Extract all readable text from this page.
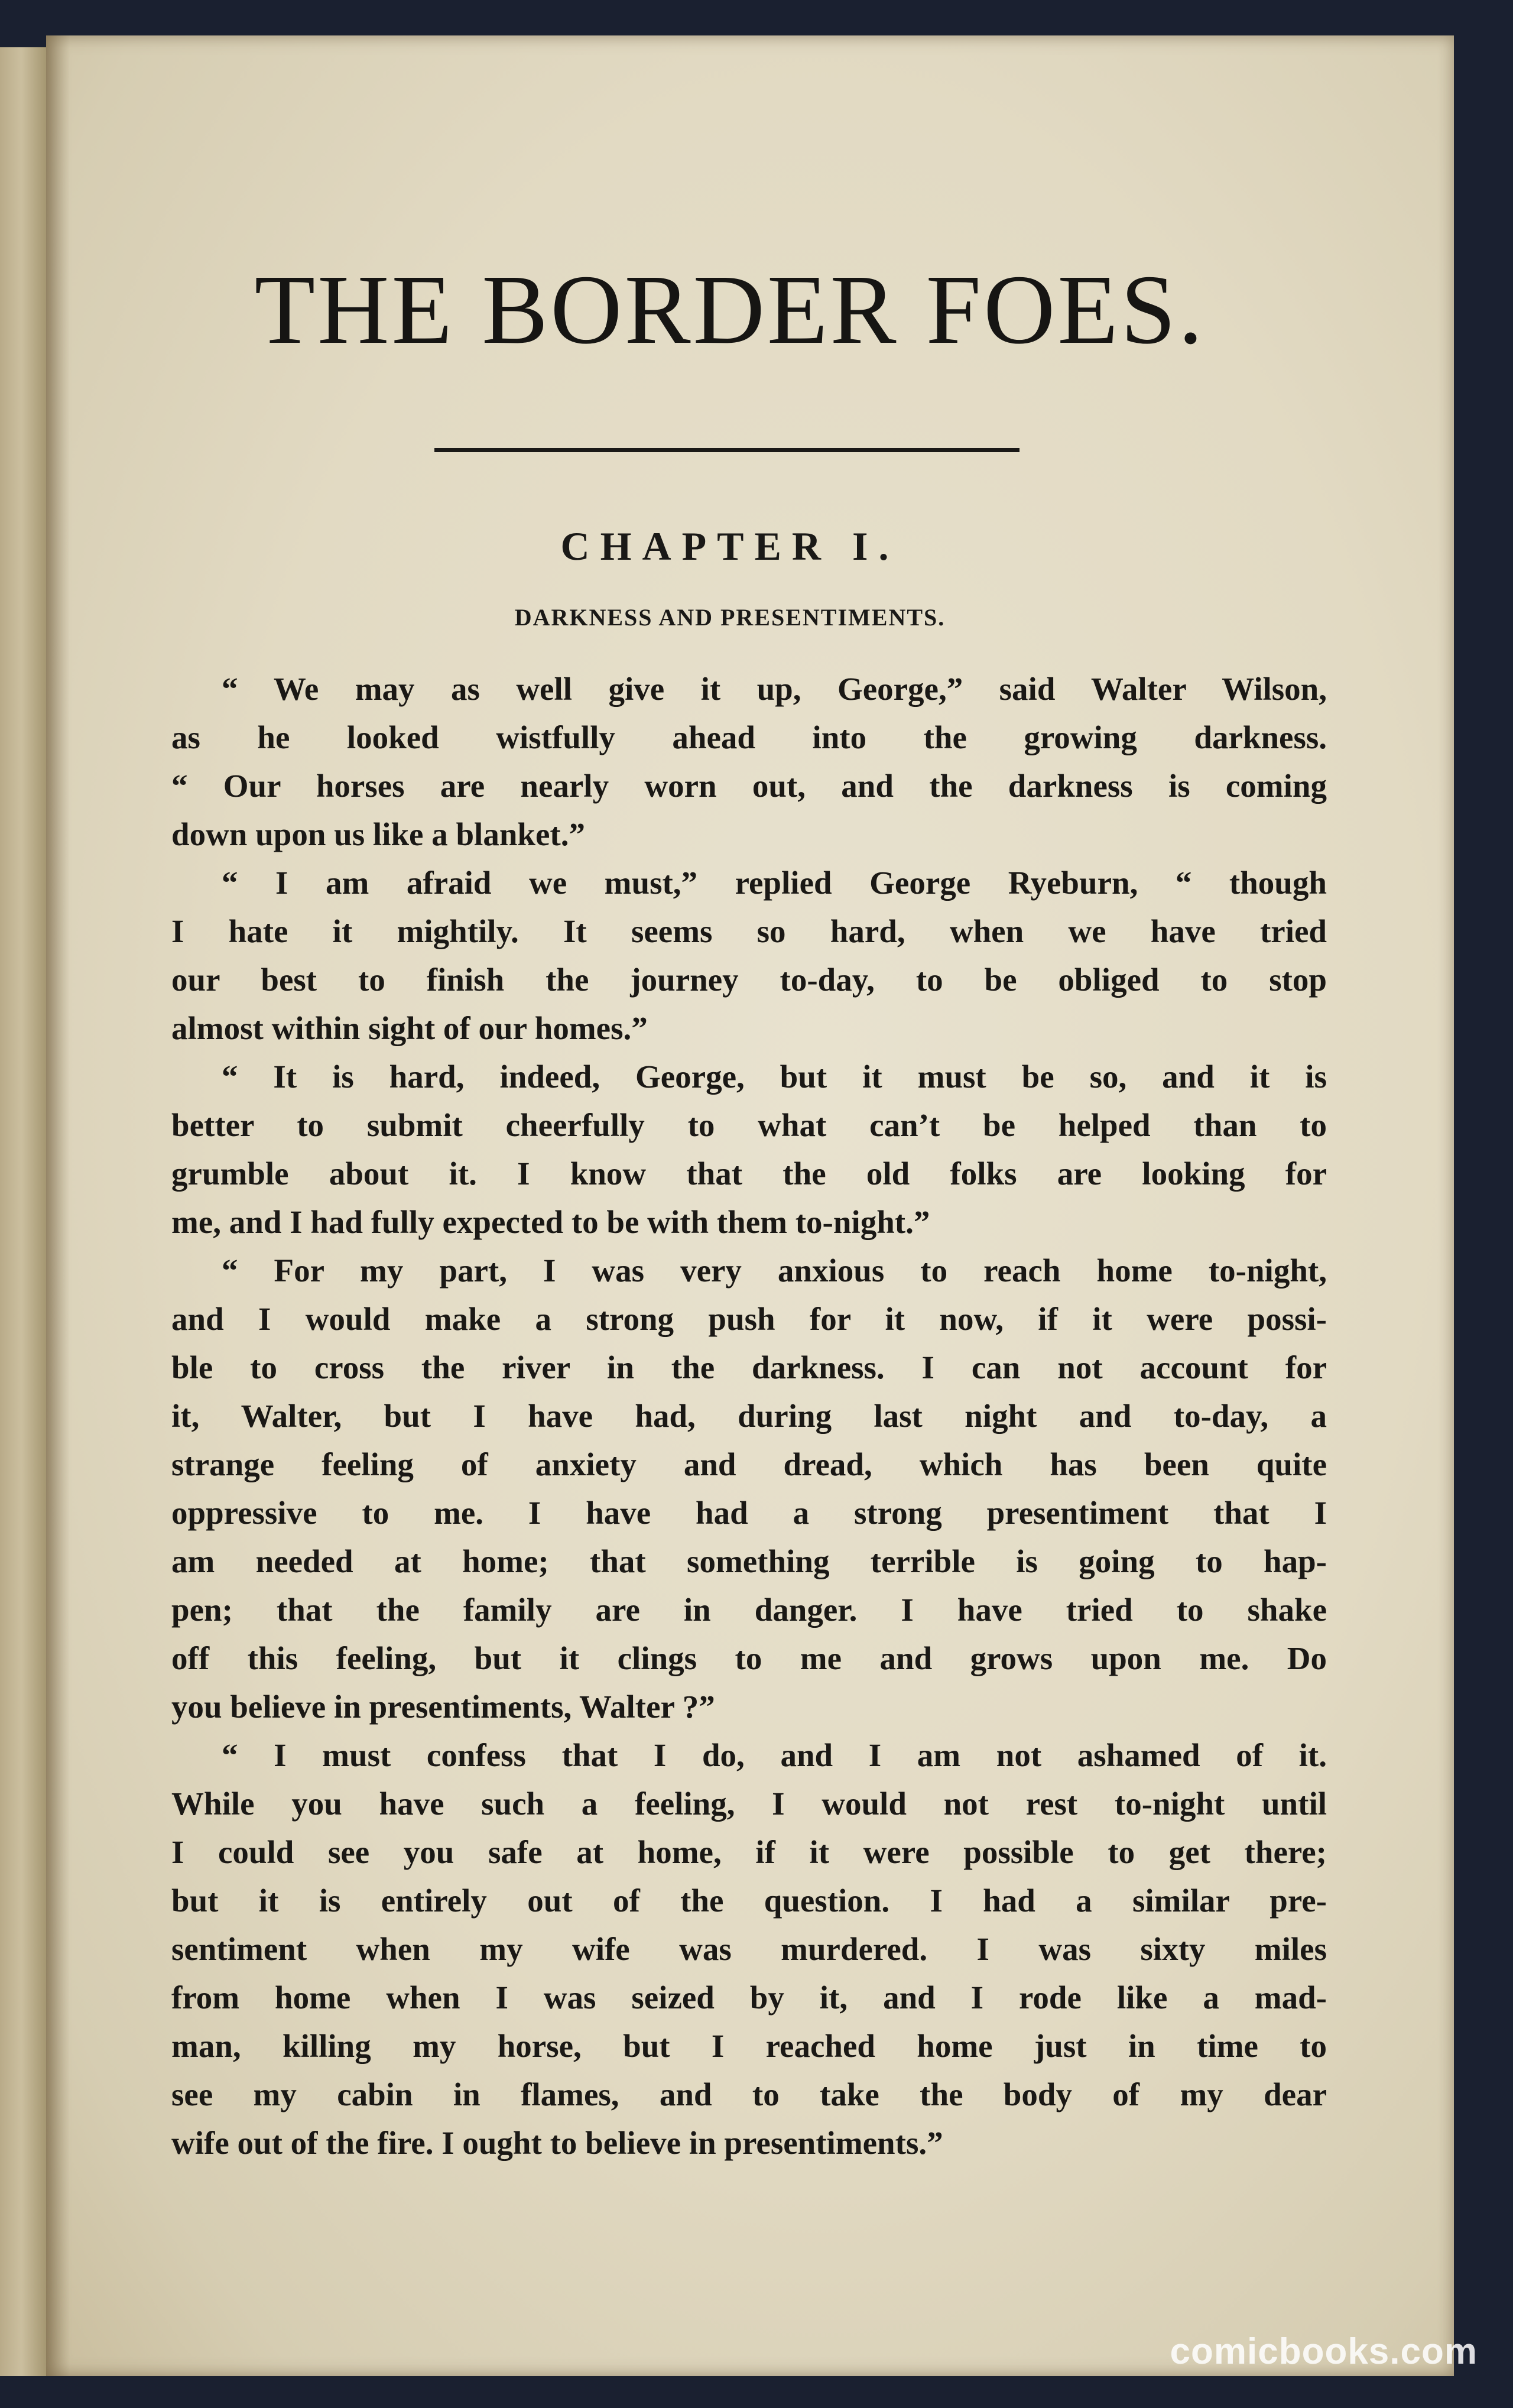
THE BORDER FOES.
CHAPTER I.
DARKNESS AND PRESENTIMENTS.
“ We may as well give it up, George,” said Walter Wilson,
as he looked wistfully ahead into the growing darkness.
“ Our horses are nearly worn out, and the darkness is coming
down upon us like a blanket.”
“ I am afraid we must,” replied George Ryeburn, “ though
I hate it mightily. It seems so hard, when we have tried
our best to finish the journey to-day, to be obliged to stop
almost within sight of our homes.”
“ It is hard, indeed, George, but it must be so, and it is
better to submit cheerfully to what can’t be helped than to
grumble about it. I know that the old folks are looking for
me, and I had fully expected to be with them to-night.”
“ For my part, I was very anxious to reach home to-night,
and I would make a strong push for it now, if it were possi-
ble to cross the river in the darkness. I can not account for
it, Walter, but I have had, during last night and to-day, a
strange feeling of anxiety and dread, which has been quite
oppressive to me. I have had a strong presentiment that I
am needed at home; that something terrible is going to hap-
pen; that the family are in danger. I have tried to shake
off this feeling, but it clings to me and grows upon me. Do
you believe in presentiments, Walter ?”
“ I must confess that I do, and I am not ashamed of it.
While you have such a feeling, I would not rest to-night until
I could see you safe at home, if it were possible to get there;
but it is entirely out of the question. I had a similar pre-
sentiment when my wife was murdered. I was sixty miles
from home when I was seized by it, and I rode like a mad-
man, killing my horse, but I reached home just in time to
see my cabin in flames, and to take the body of my dear
wife out of the fire. I ought to believe in presentiments.”
comicbooks.com
